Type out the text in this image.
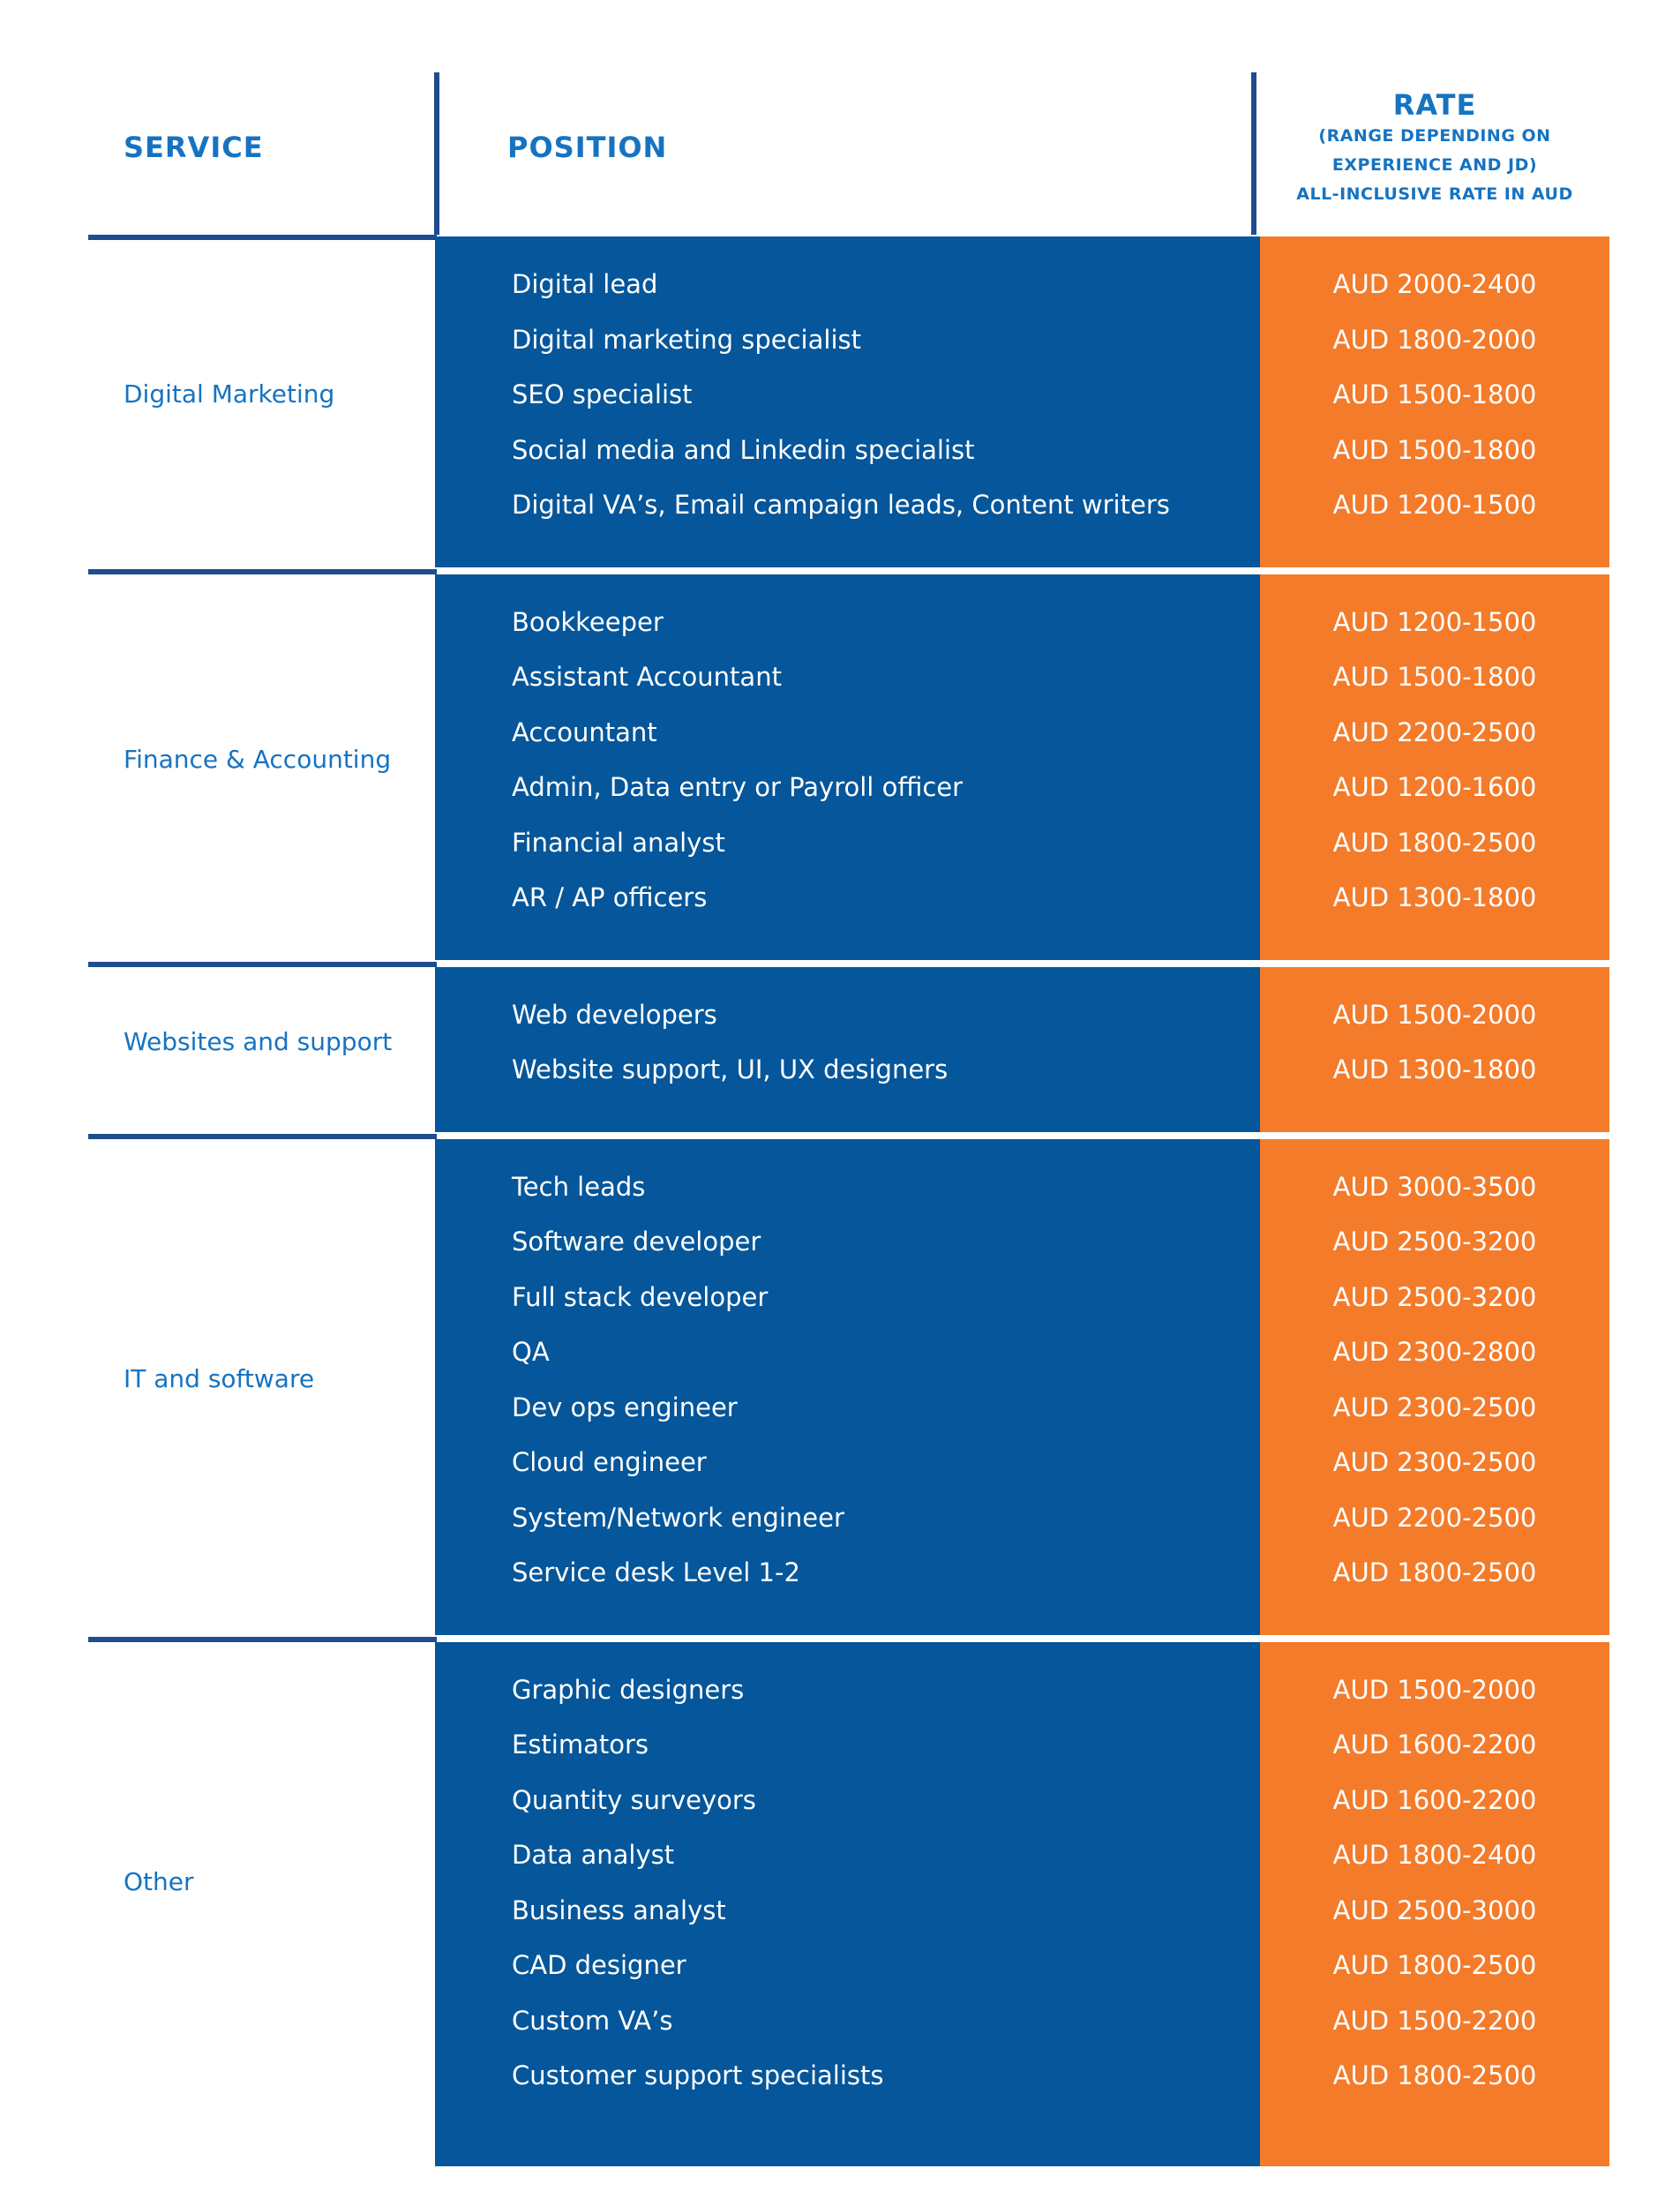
SERVICE	POSITION
RATE
(RANGE DEPENDING ON
EXPERIENCE AND JD)
ALL-INCLUSIVE RATE IN AUD
Digital Marketing
Digital lead	AUD 2000-2400
Digital marketing specialist	AUD 1800-2000
SEO specialist	AUD 1500-1800
Social media and Linkedin specialist	AUD 1500-1800
Digital VA’s, Email campaign leads, Content writers	AUD 1200-1500
Finance & Accounting
Bookkeeper	AUD 1200-1500
Assistant Accountant	AUD 1500-1800
Accountant	AUD 2200-2500
Admin, Data entry or Payroll officer	AUD 1200-1600
Financial analyst	AUD 1800-2500
AR / AP officers	AUD 1300-1800
Websites and support
Web developers	AUD 1500-2000
Website support, UI, UX designers	AUD 1300-1800
IT and software
Tech leads	AUD 3000-3500
Software developer	AUD 2500-3200
Full stack developer	AUD 2500-3200
QA	AUD 2300-2800
Dev ops engineer	AUD 2300-2500
Cloud engineer	AUD 2300-2500
System/Network engineer	AUD 2200-2500
Service desk Level 1-2	AUD 1800-2500
Other
Graphic designers	AUD 1500-2000
Estimators	AUD 1600-2200
Quantity surveyors	AUD 1600-2200
Data analyst	AUD 1800-2400
Business analyst	AUD 2500-3000
CAD designer	AUD 1800-2500
Custom VA’s	AUD 1500-2200
Customer support specialists	AUD 1800-2500
